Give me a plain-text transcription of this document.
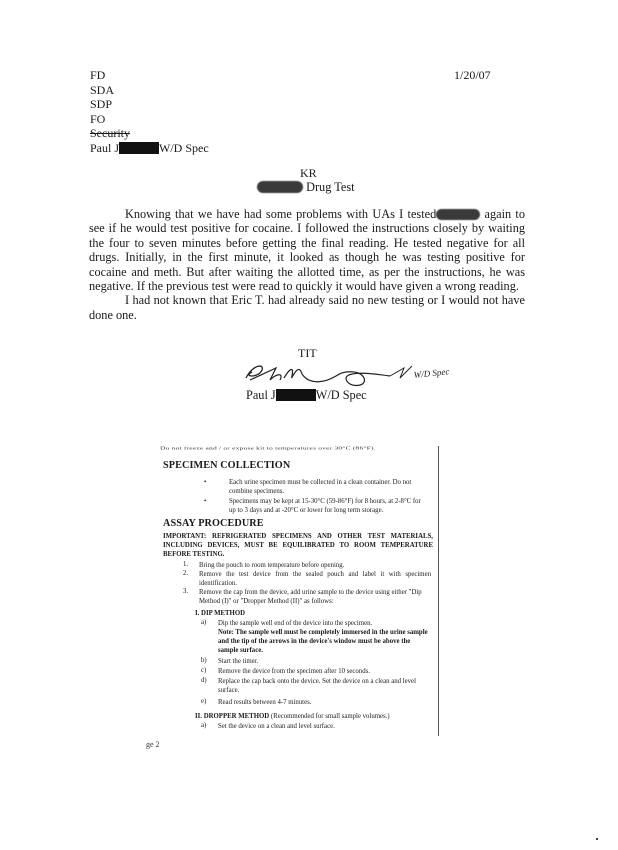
1/20/07
FD
SDA
SDP
FO
Security
Paul J	W/D Spec
KR
Drug Test
Knowing that we have had some problems with UAs I tested	again to see if he would test positive for cocaine. I followed the instructions closely by waiting the four to seven minutes before getting the final reading. He tested negative for all drugs. Initially, in the first minute, it looked as though he was testing positive for cocaine and meth. But after waiting the allotted time, as per the instructions, he was negative. If the previous test were read to quickly it would have given a wrong reading.
I had not known that Eric T. had already said no new testing or I would not have done one.
TIT
W/D Spec
Paul J	W/D Spec
Do not freeze and / or expose kit to temperatures over 30°C (86°F).
SPECIMEN COLLECTION
•	Each urine specimen must be collected in a clean container. Do not combine specimens.
•	Specimens may be kept at 15-30°C (59-86°F) for 8 hours, at 2-8°C for up to 3 days and at -20°C or lower for long term storage.
ASSAY PROCEDURE
IMPORTANT: REFRIGERATED SPECIMENS AND OTHER TEST MATERIALS, INCLUDING DEVICES, MUST BE EQUILIBRATED TO ROOM TEMPERATURE BEFORE TESTING.
1. Bring the pouch to room temperature before opening.
2. Remove the test device from the sealed pouch and label it with specimen identification.
3. Remove the cap from the device, add urine sample to the device using either "Dip Method (I)" or "Dropper Method (II)" as follows:
I. DIP METHOD
a) Dip the sample well end of the device into the specimen.
Note: The sample well must be completely immersed in the urine sample and the tip of the arrows in the device's window must be above the sample surface.
b) Start the timer.
c) Remove the device from the specimen after 10 seconds.
d) Replace the cap back onto the device. Set the device on a clean and level surface.
e) Read results between 4-7 minutes.
II. DROPPER METHOD (Recommended for small sample volumes.)
a) Set the device on a clean and level surface.
ge 2
